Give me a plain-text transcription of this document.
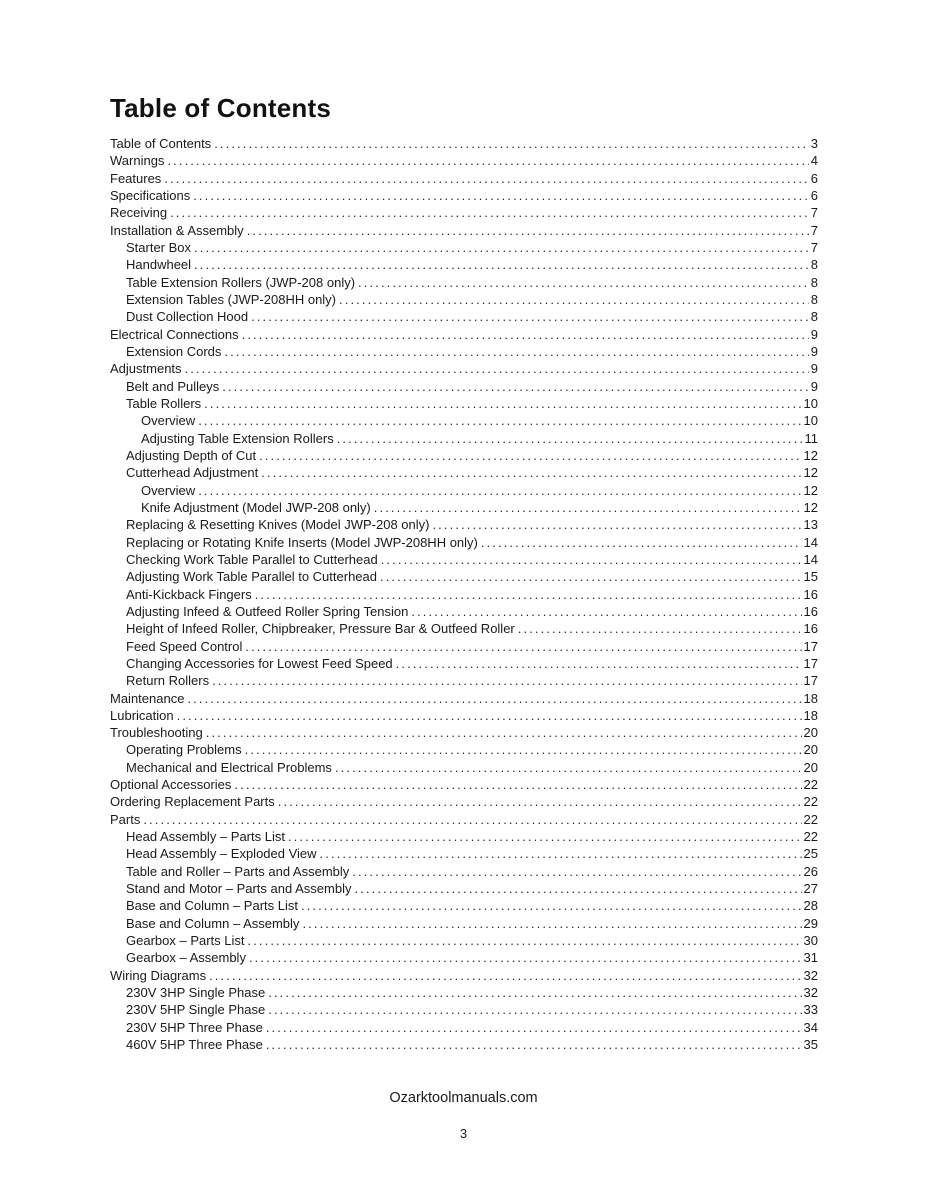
Table of Contents
Table of Contents .....	3
Warnings .....	4
Features .....	6
Specifications .....	6
Receiving .....	7
Installation & Assembly .....	7
Starter Box .....	7
Handwheel .....	8
Table Extension Rollers (JWP-208 only) .....	8
Extension Tables (JWP-208HH only) .....	8
Dust Collection Hood .....	8
Electrical Connections .....	9
Extension Cords .....	9
Adjustments .....	9
Belt and Pulleys .....	9
Table Rollers .....	10
Overview .....	10
Adjusting Table Extension Rollers .....	11
Adjusting Depth of Cut .....	12
Cutterhead Adjustment .....	12
Overview .....	12
Knife Adjustment (Model JWP-208 only) .....	12
Replacing & Resetting Knives (Model JWP-208 only) .....	13
Replacing or Rotating Knife Inserts (Model JWP-208HH only) .....	14
Checking Work Table Parallel to Cutterhead .....	14
Adjusting Work Table Parallel to Cutterhead .....	15
Anti-Kickback Fingers .....	16
Adjusting Infeed & Outfeed Roller Spring Tension .....	16
Height of Infeed Roller, Chipbreaker, Pressure Bar & Outfeed Roller .....	16
Feed Speed Control .....	17
Changing Accessories for Lowest Feed Speed .....	17
Return Rollers .....	17
Maintenance .....	18
Lubrication .....	18
Troubleshooting .....	20
Operating Problems .....	20
Mechanical and Electrical Problems .....	20
Optional Accessories .....	22
Ordering Replacement Parts .....	22
Parts .....	22
Head Assembly – Parts List .....	22
Head Assembly – Exploded View .....	25
Table and Roller – Parts and Assembly .....	26
Stand and Motor – Parts and Assembly .....	27
Base and Column – Parts List .....	28
Base and Column – Assembly .....	29
Gearbox – Parts List .....	30
Gearbox – Assembly .....	31
Wiring Diagrams .....	32
230V 3HP Single Phase .....	32
230V 5HP Single Phase .....	33
230V 5HP Three Phase .....	34
460V 5HP Three Phase .....	35
Ozarktoolmanuals.com
3
